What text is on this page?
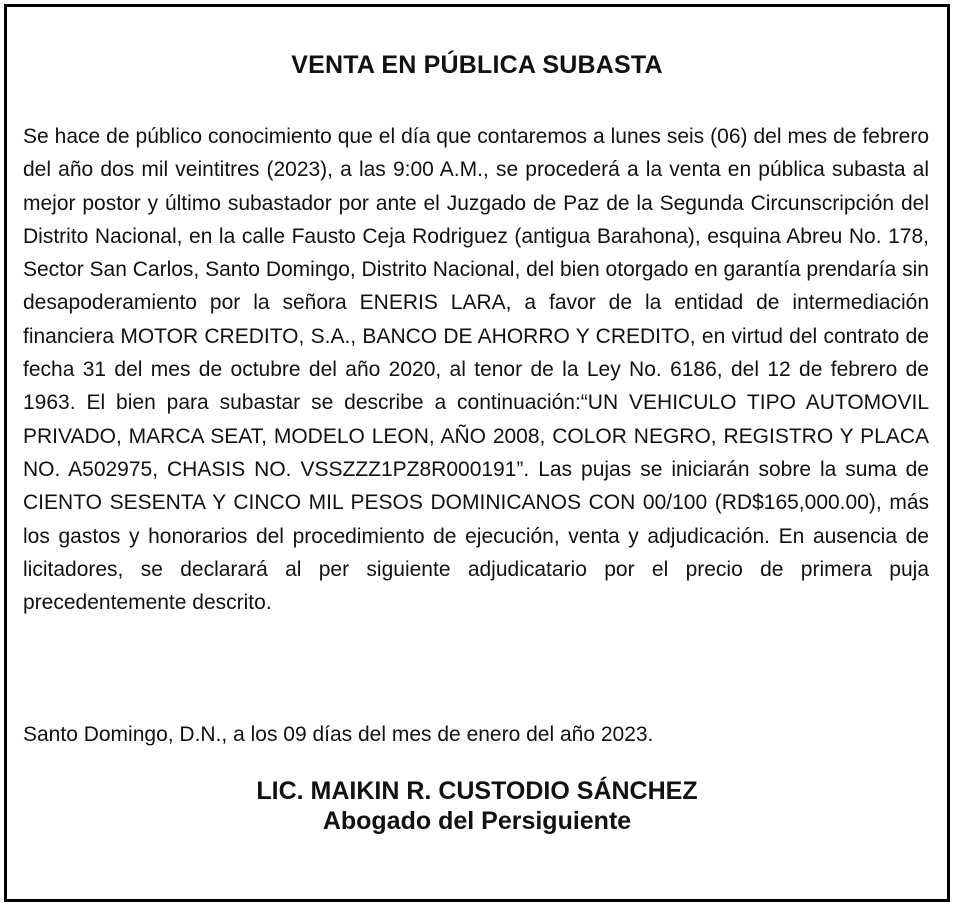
VENTA EN PÚBLICA SUBASTA

Se hace de público conocimiento que el día que contaremos a lunes seis (06) del mes de febrero del año dos mil veintitres (2023), a las 9:00 A.M., se procederá a la venta en pública subasta al mejor postor y último subastador por ante el Juzgado de Paz de la Segunda Circunscripción del Distrito Nacional, en la calle Fausto Ceja Rodriguez (antigua Barahona), esquina Abreu No. 178, Sector San Carlos, Santo Domingo, Distrito Nacional, del bien otorgado en garantía prendaría sin desapoderamiento por la señora ENERIS LARA, a favor de la entidad de intermediación financiera MOTOR CREDITO, S.A., BANCO DE AHORRO Y CREDITO, en virtud del contrato de fecha 31 del mes de octubre del año 2020, al tenor de la Ley No. 6186, del 12 de febrero de 1963. El bien para subastar se describe a continuación:“UN VEHICULO TIPO AUTOMOVIL PRIVADO, MARCA SEAT, MODELO LEON, AÑO 2008, COLOR NEGRO, REGISTRO Y PLACA NO. A502975, CHASIS NO. VSSZZZ1PZ8R000191”. Las pujas se iniciarán sobre la suma de CIENTO SESENTA Y CINCO MIL PESOS DOMINICANOS CON 00/100 (RD$165,000.00), más los gastos y honorarios del procedimiento de ejecución, venta y adjudicación. En ausencia de licitadores, se declarará al per siguiente adjudicatario por el precio de primera puja precedentemente descrito.

Santo Domingo, D.N., a los 09 días del mes de enero del año 2023.

LIC. MAIKIN R. CUSTODIO SÁNCHEZ
Abogado del Persiguiente
